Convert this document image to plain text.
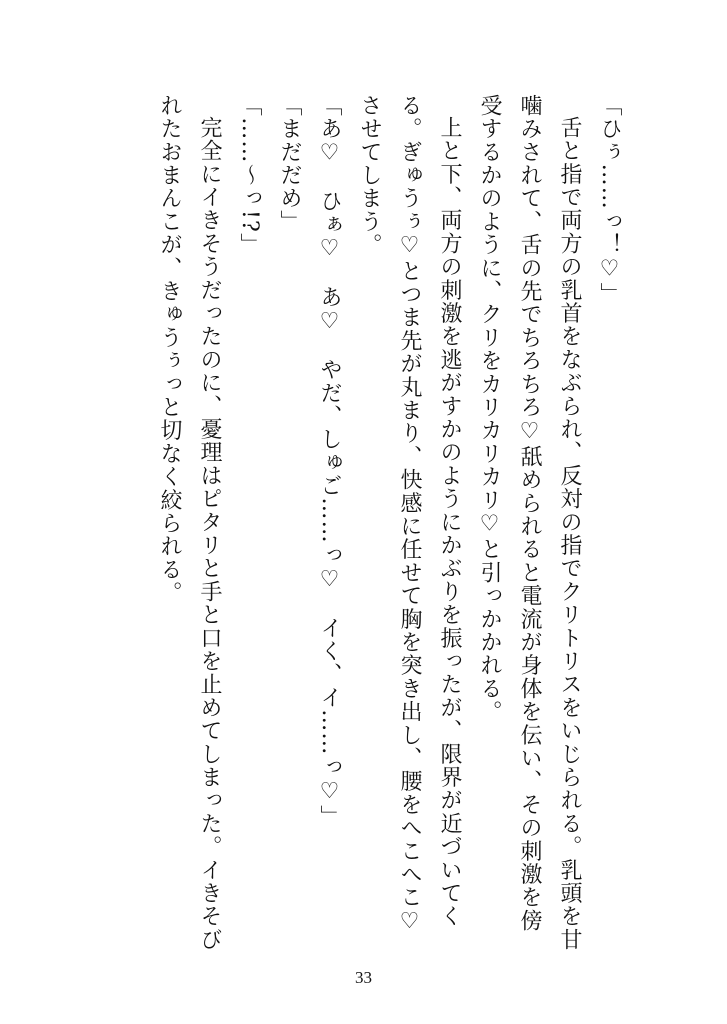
「ひぅ……っ！♡」

舌と指で両方の乳首をなぶられ、反対の指でクリトリスをいじられる。乳頭を甘噛みされて、舌の先でちろちろ♡舐められると電流が身体を伝い、その刺激を傍受するかのように、クリをカリカリカリ♡と引っかかれる。

上と下、両方の刺激を逃がすかのようにかぶりを振ったが、限界が近づいてくる。ぎゅうぅ♡とつま先が丸まり、快感に任せて胸を突き出し、腰をへこへこ♡させてしまう。

「あ♡　ひぁ♡　あ♡　やだ、しゅご……っ♡　イく、イ……っ♡」

「まだだめ」

「……〜っ!?」

完全にイきそうだったのに、憂理はピタリと手と口を止めてしまった。イきそびれたおまんこが、きゅうぅっと切なく絞られる。

33
